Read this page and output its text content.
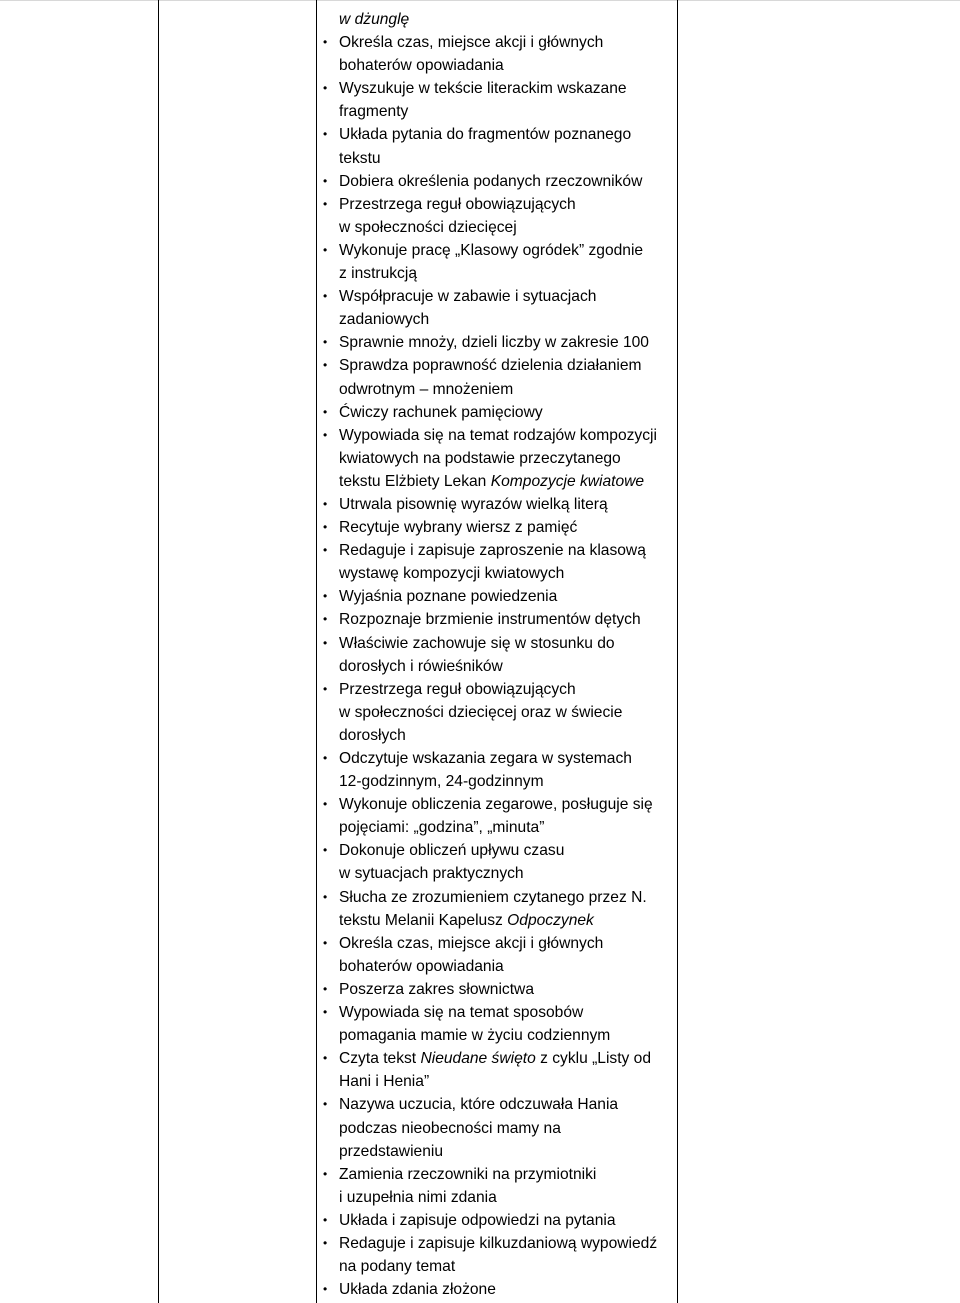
w dżunglę
• Określa czas, miejsce akcji i głównych
bohaterów opowiadania
• Wyszukuje w tekście literackim wskazane
fragmenty
• Układa pytania do fragmentów poznanego
tekstu
• Dobiera określenia podanych rzeczowników
• Przestrzega reguł obowiązujących
w społeczności dziecięcej
• Wykonuje pracę „Klasowy ogródek” zgodnie
z instrukcją
• Współpracuje w zabawie i sytuacjach
zadaniowych
• Sprawnie mnoży, dzieli liczby w zakresie 100
• Sprawdza poprawność dzielenia działaniem
odwrotnym – mnożeniem
• Ćwiczy rachunek pamięciowy
• Wypowiada się na temat rodzajów kompozycji
kwiatowych na podstawie przeczytanego
tekstu Elżbiety Lekan Kompozycje kwiatowe
• Utrwala pisownię wyrazów wielką literą
• Recytuje wybrany wiersz z pamięć
• Redaguje i zapisuje zaproszenie na klasową
wystawę kompozycji kwiatowych
• Wyjaśnia poznane powiedzenia
• Rozpoznaje brzmienie instrumentów dętych
• Właściwie zachowuje się w stosunku do
dorosłych i rówieśników
• Przestrzega reguł obowiązujących
w społeczności dziecięcej oraz w świecie
dorosłych
• Odczytuje wskazania zegara w systemach
12-godzinnym, 24-godzinnym
• Wykonuje obliczenia zegarowe, posługuje się
pojęciami: „godzina”, „minuta”
• Dokonuje obliczeń upływu czasu
w sytuacjach praktycznych
• Słucha ze zrozumieniem czytanego przez N.
tekstu Melanii Kapelusz Odpoczynek
• Określa czas, miejsce akcji i głównych
bohaterów opowiadania
• Poszerza zakres słownictwa
• Wypowiada się na temat sposobów
pomagania mamie w życiu codziennym
• Czyta tekst Nieudane święto z cyklu „Listy od
Hani i Henia”
• Nazywa uczucia, które odczuwała Hania
podczas nieobecności mamy na
przedstawieniu
• Zamienia rzeczowniki na przymiotniki
i uzupełnia nimi zdania
• Układa i zapisuje odpowiedzi na pytania
• Redaguje i zapisuje kilkuzdaniową wypowiedź
na podany temat
• Układa zdania złożone
